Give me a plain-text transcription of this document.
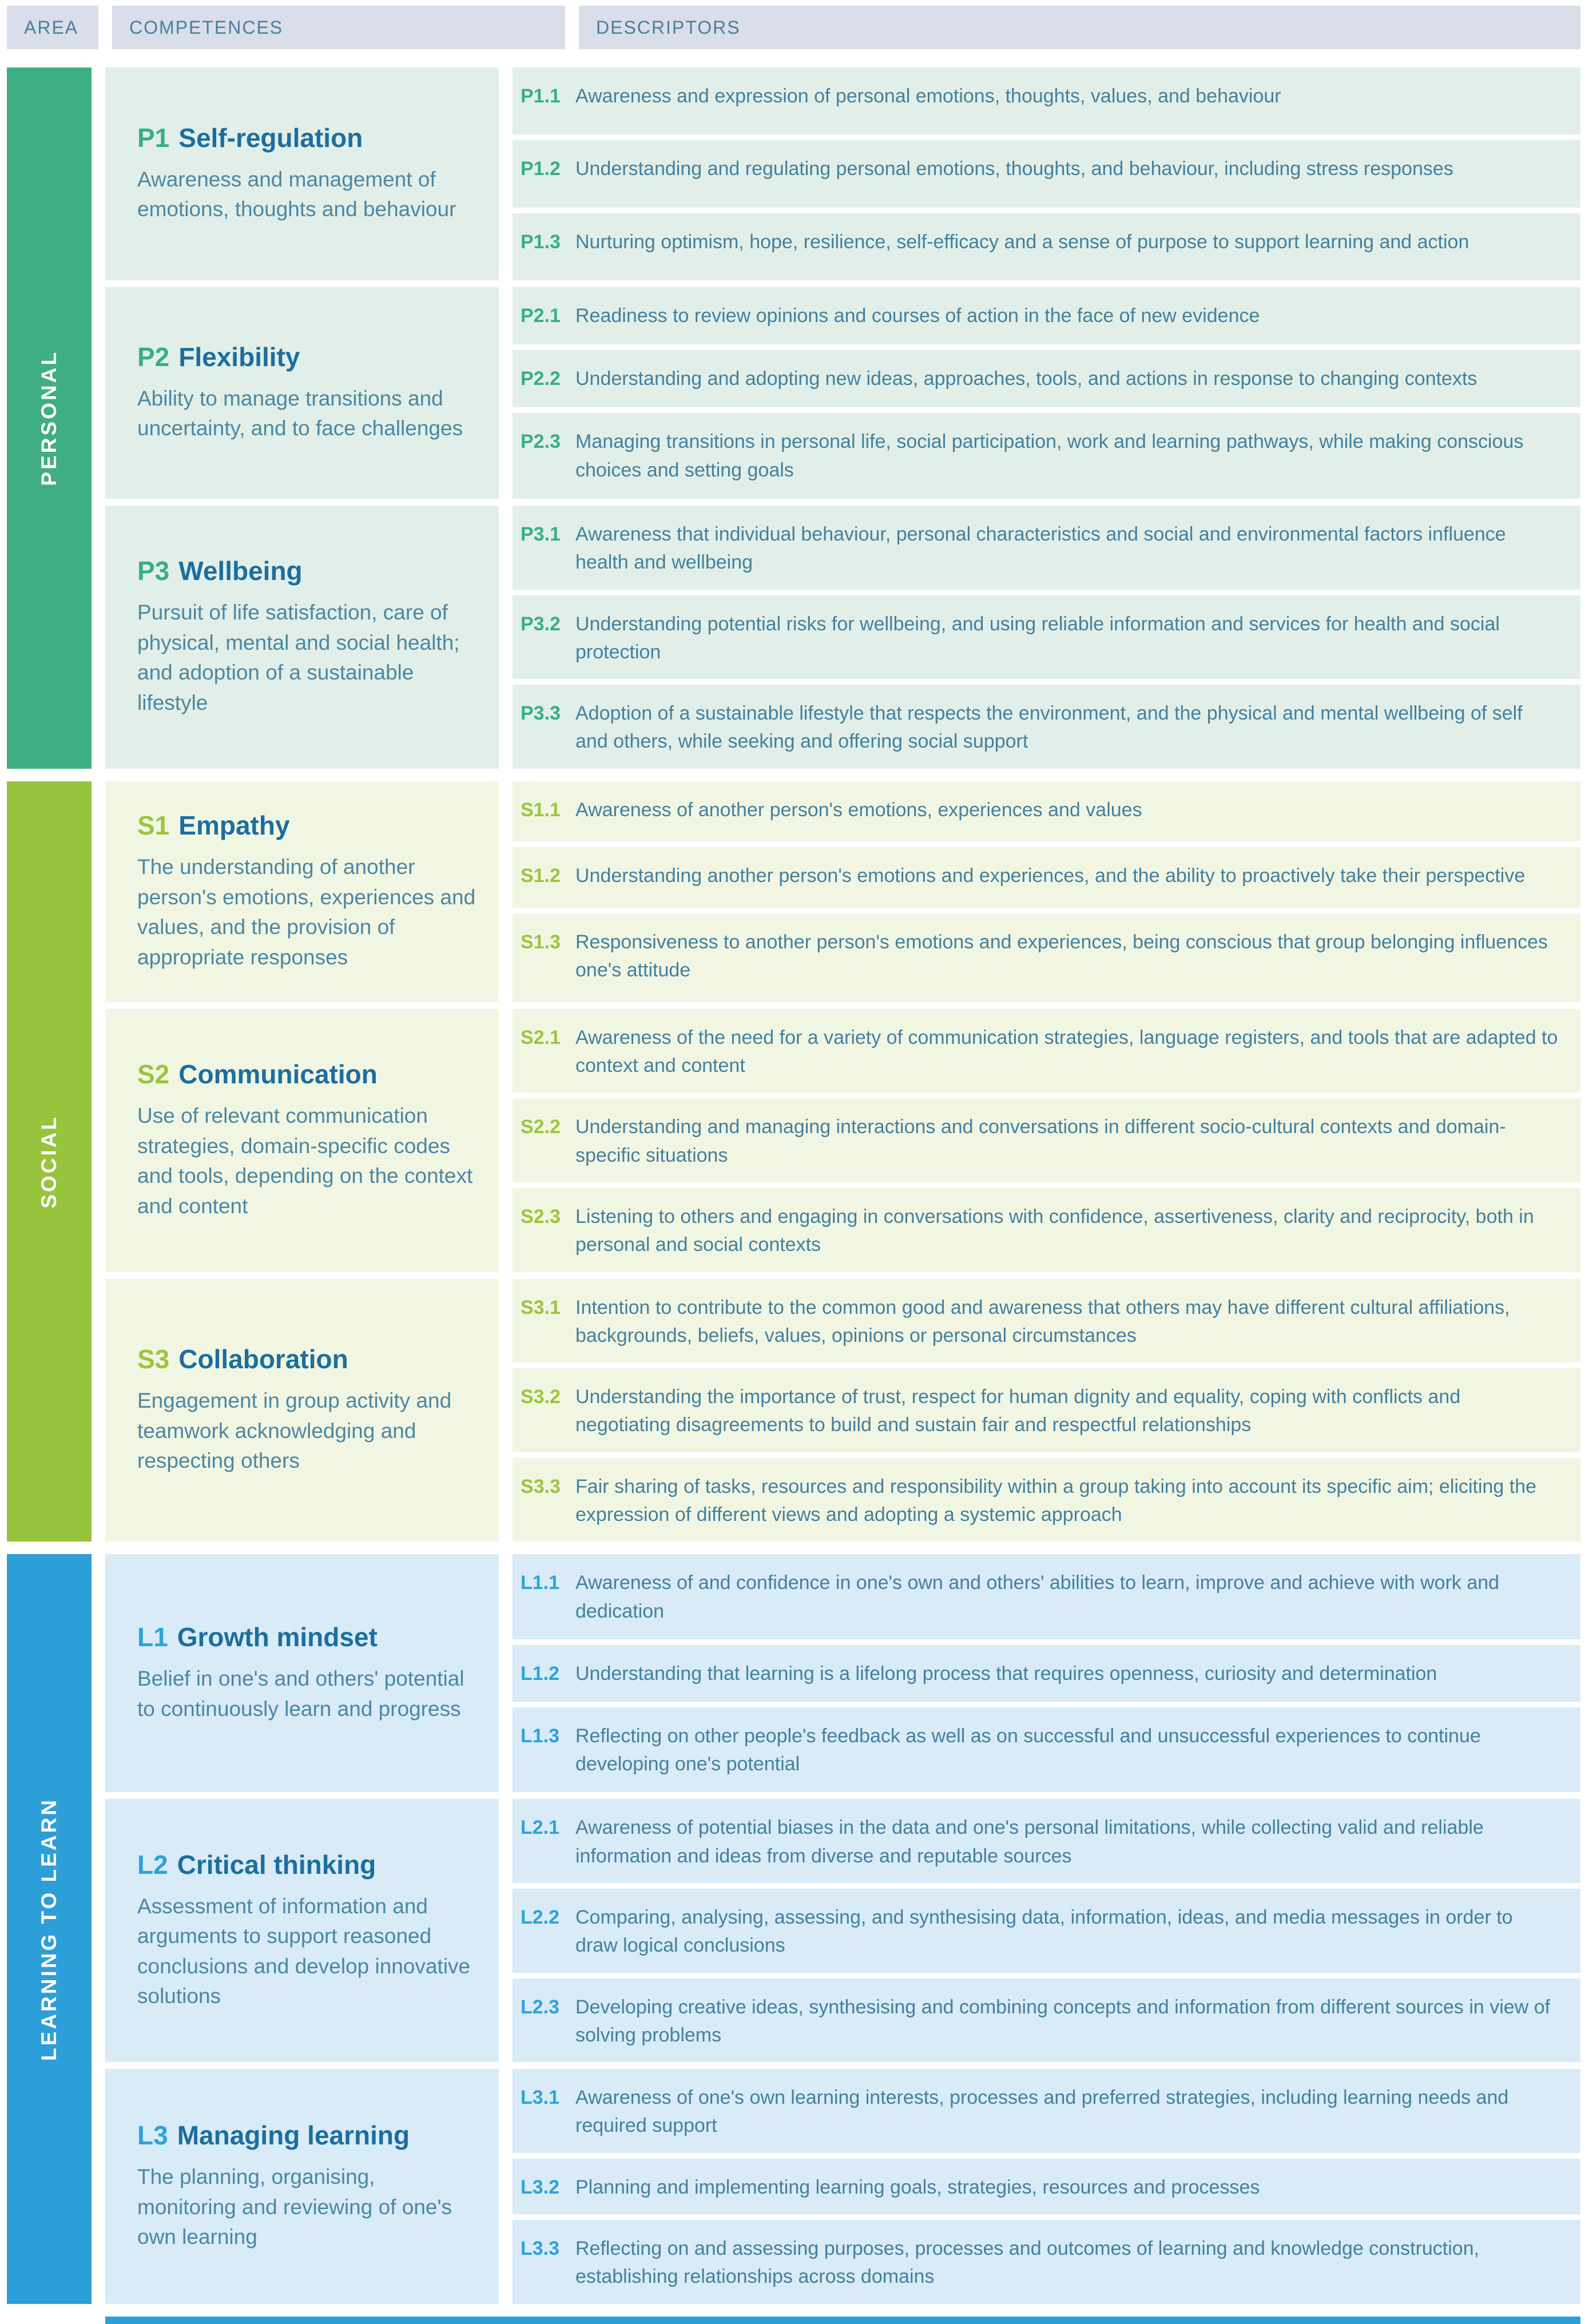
AREA	COMPETENCES	DESCRIPTORS
PERSONAL
P1 Self-regulation

Awareness and management of emotions, thoughts and behaviour

P1.1 Awareness and expression of personal emotions, thoughts, values, and behaviour
P1.2 Understanding and regulating personal emotions, thoughts, and behaviour, including stress responses
P1.3 Nurturing optimism, hope, resilience, self-efficacy and a sense of purpose to support learning and action
P2 Flexibility

Ability to manage transitions and uncertainty, and to face challenges

P2.1 Readiness to review opinions and courses of action in the face of new evidence
P2.2 Understanding and adopting new ideas, approaches, tools, and actions in response to changing contexts
P2.3 Managing transitions in personal life, social participation, work and learning pathways, while making conscious choices and setting goals
P3 Wellbeing

Pursuit of life satisfaction, care of physical, mental and social health; and adoption of a sustainable lifestyle

P3.1 Awareness that individual behaviour, personal characteristics and social and environmental factors influence health and wellbeing
P3.2 Understanding potential risks for wellbeing, and using reliable information and services for health and social protection
P3.3 Adoption of a sustainable lifestyle that respects the environment, and the physical and mental wellbeing of self and others, while seeking and offering social support
SOCIAL
S1 Empathy

The understanding of another person's emotions, experiences and values, and the provision of appropriate responses

S1.1 Awareness of another person's emotions, experiences and values
S1.2 Understanding another person's emotions and experiences, and the ability to proactively take their perspective
S1.3 Responsiveness to another person's emotions and experiences, being conscious that group belonging influences one's attitude
S2 Communication

Use of relevant communication strategies, domain-specific codes and tools, depending on the context and content

S2.1 Awareness of the need for a variety of communication strategies, language registers, and tools that are adapted to context and content
S2.2 Understanding and managing interactions and conversations in different socio-cultural contexts and domain-specific situations
S2.3 Listening to others and engaging in conversations with confidence, assertiveness, clarity and reciprocity, both in personal and social contexts
S3 Collaboration

Engagement in group activity and teamwork acknowledging and respecting others

S3.1 Intention to contribute to the common good and awareness that others may have different cultural affiliations, backgrounds, beliefs, values, opinions or personal circumstances
S3.2 Understanding the importance of trust, respect for human dignity and equality, coping with conflicts and negotiating disagreements to build and sustain fair and respectful relationships
S3.3 Fair sharing of tasks, resources and responsibility within a group taking into account its specific aim; eliciting the expression of different views and adopting a systemic approach
LEARNING TO LEARN
L1 Growth mindset

Belief in one's and others' potential to continuously learn and progress

L1.1 Awareness of and confidence in one's own and others' abilities to learn, improve and achieve with work and dedication
L1.2 Understanding that learning is a lifelong process that requires openness, curiosity and determination
L1.3 Reflecting on other people's feedback as well as on successful and unsuccessful experiences to continue developing one's potential
L2 Critical thinking

Assessment of information and arguments to support reasoned conclusions and develop innovative solutions

L2.1 Awareness of potential biases in the data and one's personal limitations, while collecting valid and reliable information and ideas from diverse and reputable sources
L2.2 Comparing, analysing, assessing, and synthesising data, information, ideas, and media messages in order to draw logical conclusions
L2.3 Developing creative ideas, synthesising and combining concepts and information from different sources in view of solving problems
L3 Managing learning

The planning, organising, monitoring and reviewing of one's own learning

L3.1 Awareness of one's own learning interests, processes and preferred strategies, including learning needs and required support
L3.2 Planning and implementing learning goals, strategies, resources and processes
L3.3 Reflecting on and assessing purposes, processes and outcomes of learning and knowledge construction, establishing relationships across domains
